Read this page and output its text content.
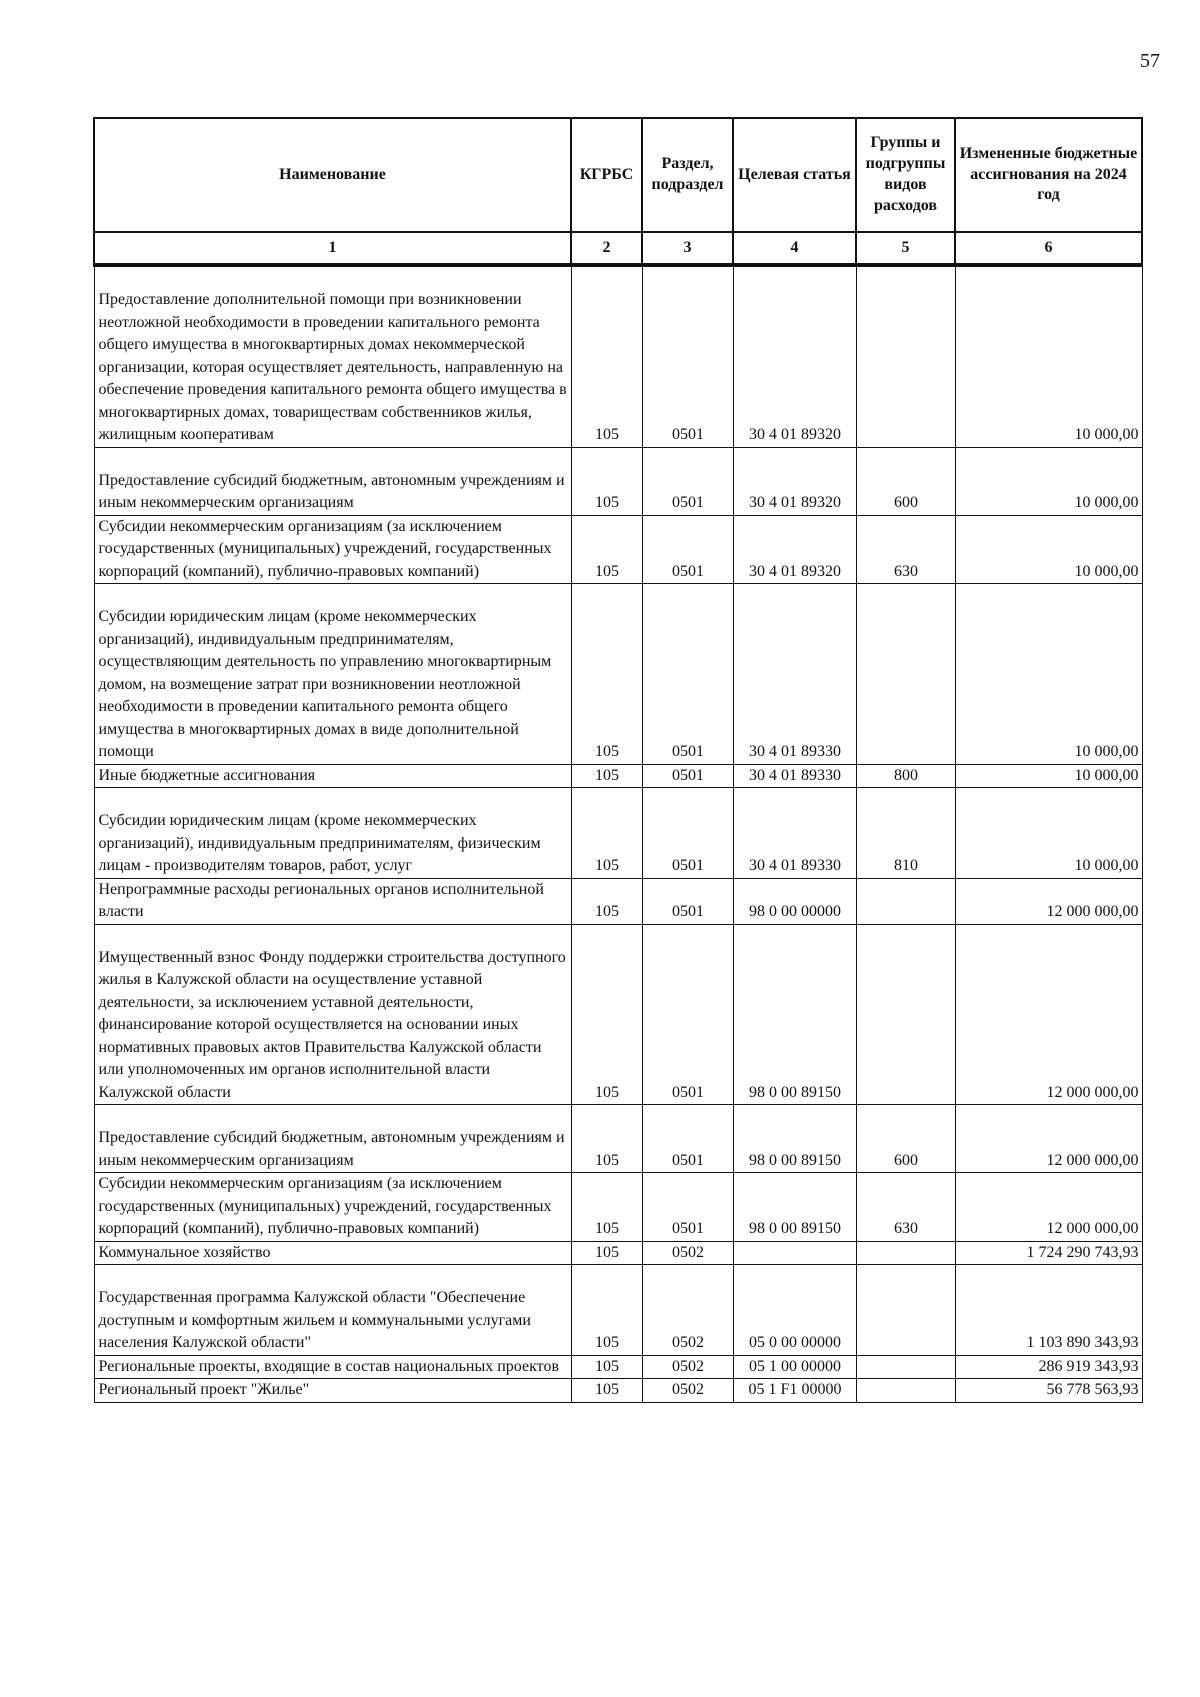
57
Наименование	КГРБС	Раздел, подраздел	Целевая статья	Группы и подгруппы видов расходов	Измененные бюджетные ассигнования на 2024 год
1	2	3	4	5	6

Предоставление дополнительной помощи при возникновении неотложной необходимости в проведении капитального ремонта общего имущества в многоквартирных домах некоммерческой организации, которая осуществляет деятельность, направленную на обеспечение проведения капитального ремонта общего имущества в многоквартирных домах, товариществам собственников жилья, жилищным кооперативам	105	0501	30 4 01 89320		10 000,00

Предоставление субсидий бюджетным, автономным учреждениям и иным некоммерческим организациям	105	0501	30 4 01 89320	600	10 000,00
Субсидии некоммерческим организациям (за исключением государственных (муниципальных) учреждений, государственных корпораций (компаний), публично-правовых компаний)	105	0501	30 4 01 89320	630	10 000,00

Субсидии юридическим лицам (кроме некоммерческих организаций), индивидуальным предпринимателям, осуществляющим деятельность по управлению многоквартирным домом, на возмещение затрат при возникновении неотложной необходимости в проведении капитального ремонта общего имущества в многоквартирных домах в виде дополнительной помощи	105	0501	30 4 01 89330		10 000,00
Иные бюджетные ассигнования	105	0501	30 4 01 89330	800	10 000,00

Субсидии юридическим лицам (кроме некоммерческих организаций), индивидуальным предпринимателям, физическим лицам - производителям товаров, работ, услуг	105	0501	30 4 01 89330	810	10 000,00
Непрограммные расходы региональных органов исполнительной власти	105	0501	98 0 00 00000		12 000 000,00

Имущественный взнос Фонду поддержки строительства доступного жилья в Калужской области на осуществление уставной деятельности, за исключением уставной деятельности, финансирование которой осуществляется на основании иных нормативных правовых актов Правительства Калужской области или уполномоченных им органов исполнительной власти Калужской области	105	0501	98 0 00 89150		12 000 000,00

Предоставление субсидий бюджетным, автономным учреждениям и иным некоммерческим организациям	105	0501	98 0 00 89150	600	12 000 000,00
Субсидии некоммерческим организациям (за исключением государственных (муниципальных) учреждений, государственных корпораций (компаний), публично-правовых компаний)	105	0501	98 0 00 89150	630	12 000 000,00
Коммунальное хозяйство	105	0502			1 724 290 743,93

Государственная программа Калужской области "Обеспечение доступным и комфортным жильем и коммунальными услугами населения Калужской области"	105	0502	05 0 00 00000		1 103 890 343,93
Региональные проекты, входящие в состав национальных проектов	105	0502	05 1 00 00000		286 919 343,93
Региональный проект "Жилье"	105	0502	05 1 F1 00000		56 778 563,93
